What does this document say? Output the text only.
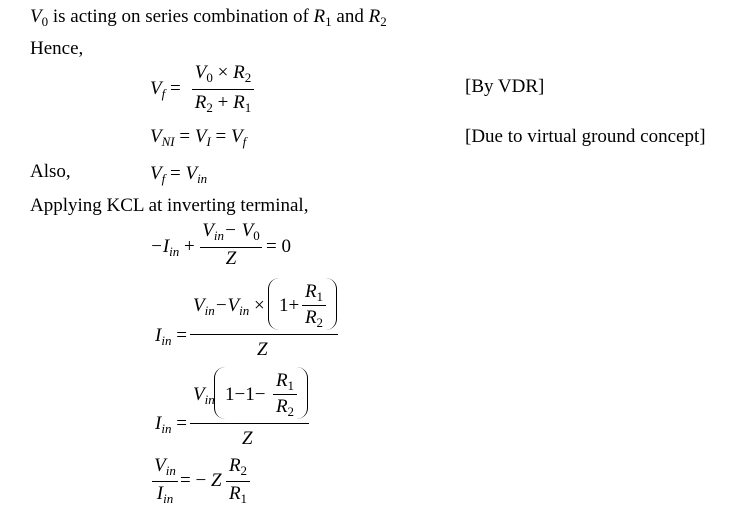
$V_0$ is acting on series combination of $R_1$ and $R_2$
Hence,
$V_f$ =
$V_0 \times R_2$
$R_2 + R_1$
[By VDR]
$V_{NI} = V_I = V_f$	[Due to virtual ground concept]
Also,	$V_f = V_{in}$
Applying KCL at inverting terminal,
$-I_{in}$ +
$V_{in}- V_0$
Z
= 0
$I_{in}$ =
$V_{in}-V_{in} \times 1+$
$R_1$
$R_2$
Z
$I_{in}$ =
$V_{in}$ 1−1−
$R_1$
$R_2$
Z
$V_{in}$
$I_{in}$
= − Z
$R_2$
$R_1$
